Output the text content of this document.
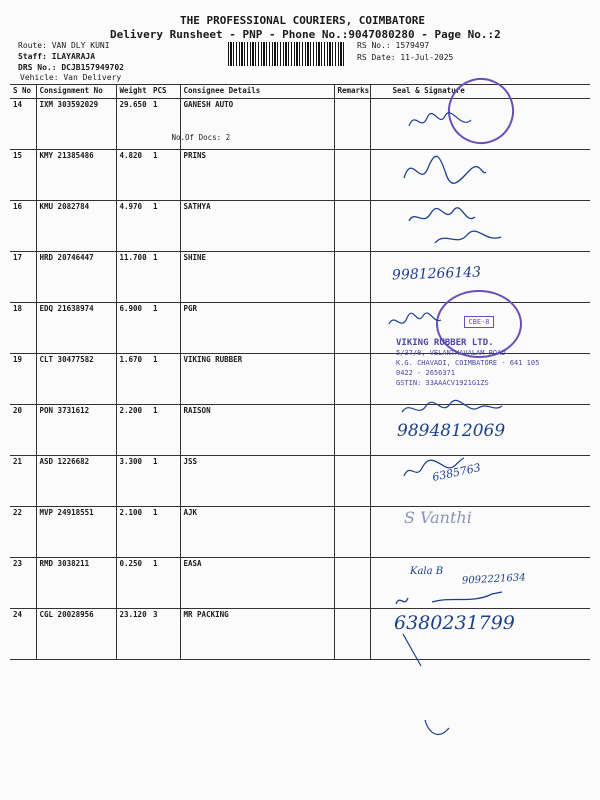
THE PROFESSIONAL COURIERS, COIMBATORE
Delivery Runsheet - PNP - Phone No.:9047080280 - Page No.:2
Route: VAN DLY KUNI
Staff: ILAYARAJA
DRS No.: DCJB157949702
Vehicle: Van Delivery
RS No.: 1579497
RS Date: 11-Jul-2025
S No	Consignment No	Weight	PCS	Consignee Details	Remarks	Seal & Signature
14	IXM 303592029	29.650	1	GANESH AUTO
No.Of Docs: 2		

15	KMY 21385486	4.820	1	PRINS		
16	KMU 2082784	4.970	1	SATHYA		
17	HRD 20746447	11.700	1	SHINE		
18	EDQ 21638974	6.900	1	PGR		
19	CLT 30477582	1.670	1	VIKING RUBBER		
20	PON 3731612	2.200	1	RAISON		
21	ASD 1226682	3.300	1	JSS		
22	MVP 24918551	2.100	1	AJK		
23	RMD 3038211	0.250	1	EASA		
24	CGL 20028956	23.120	3	MR PACKING		
9981266143
CBE-8
VIKING RUBBER LTD.
5/37/8, VELANTHAVALAM ROAD
K.G. CHAVADI, COIMBATORE - 641 105
0422 - 2656371
GSTIN: 33AAACV1921G1ZS
9894812069
6385763
S Vanthi
Kala B
9092221634
6380231799
